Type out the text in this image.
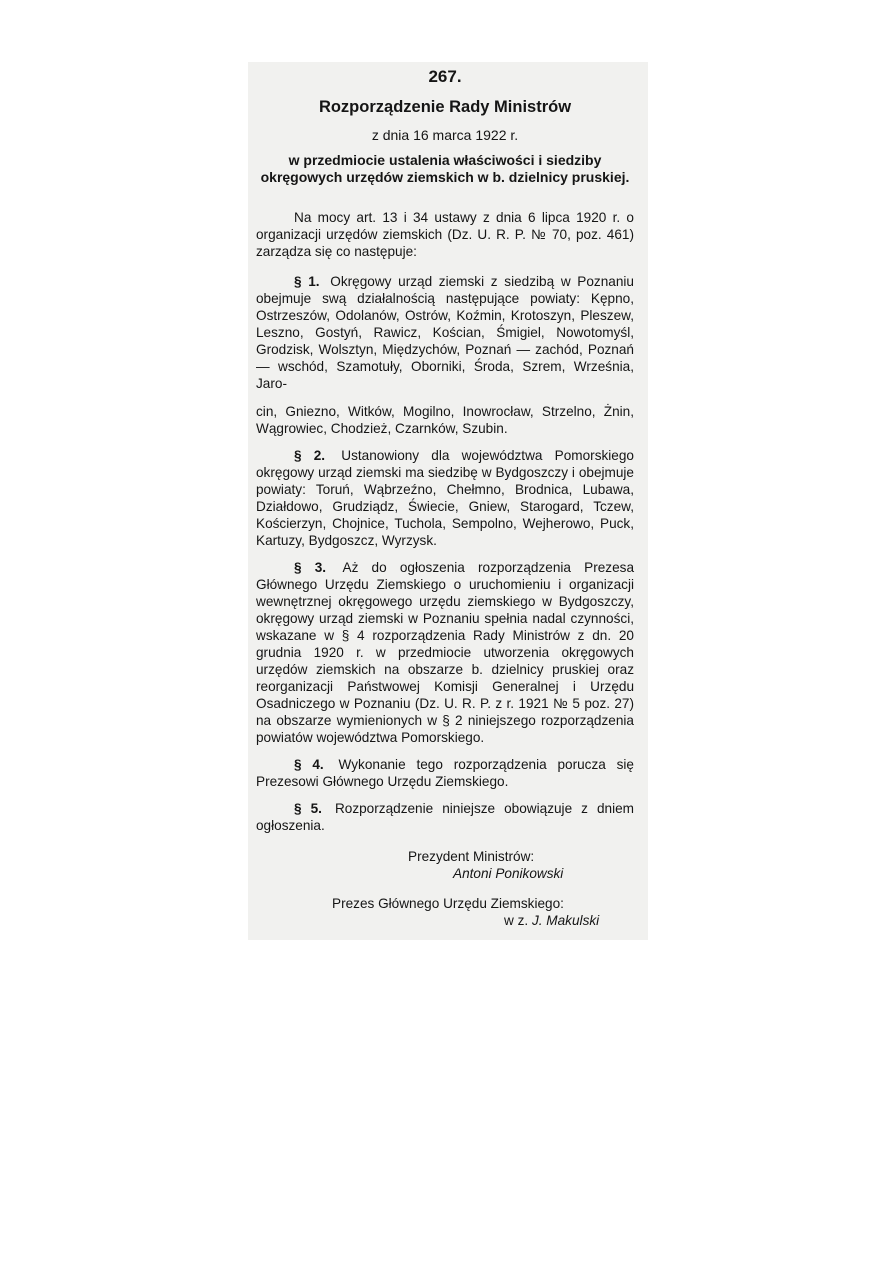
267.
Rozporządzenie Rady Ministrów
z dnia 16 marca 1922 r.
w przedmiocie ustalenia właściwości i siedziby okręgowych urzędów ziemskich w b. dzielnicy pruskiej.

Na mocy art. 13 i 34 ustawy z dnia 6 lipca 1920 r. o organizacji urzędów ziemskich (Dz. U. R. P. № 70, poz. 461) zarządza się co następuje:

§ 1. Okręgowy urząd ziemski z siedzibą w Poznaniu obejmuje swą działalnością następujące powiaty: Kępno, Ostrzeszów, Odolanów, Ostrów, Koźmin, Krotoszyn, Pleszew, Leszno, Gostyń, Rawicz, Kościan, Śmigiel, Nowotomyśl, Grodzisk, Wolsztyn, Międzychów, Poznań — zachód, Poznań — wschód, Szamotuły, Oborniki, Środa, Szrem, Września, Jaro-

cin, Gniezno, Witków, Mogilno, Inowrocław, Strzelno, Żnin, Wągrowiec, Chodzież, Czarnków, Szubin.

§ 2. Ustanowiony dla województwa Pomorskiego okręgowy urząd ziemski ma siedzibę w Bydgoszczy i obejmuje powiaty: Toruń, Wąbrzeźno, Chełmno, Brodnica, Lubawa, Działdowo, Grudziądz, Świecie, Gniew, Starogard, Tczew, Kościerzyn, Chojnice, Tuchola, Sempolno, Wejherowo, Puck, Kartuzy, Bydgoszcz, Wyrzysk.

§ 3. Aż do ogłoszenia rozporządzenia Prezesa Głównego Urzędu Ziemskiego o uruchomieniu i organizacji wewnętrznej okręgowego urzędu ziemskiego w Bydgoszczy, okręgowy urząd ziemski w Poznaniu spełnia nadal czynności, wskazane w § 4 rozporządzenia Rady Ministrów z dn. 20 grudnia 1920 r. w przedmiocie utworzenia okręgowych urzędów ziemskich na obszarze b. dzielnicy pruskiej oraz reorganizacji Państwowej Komisji Generalnej i Urzędu Osadniczego w Poznaniu (Dz. U. R. P. z r. 1921 № 5 poz. 27) na obszarze wymienionych w § 2 niniejszego rozporządzenia powiatów województwa Pomorskiego.

§ 4. Wykonanie tego rozporządzenia porucza się Prezesowi Głównego Urzędu Ziemskiego.

§ 5. Rozporządzenie niniejsze obowiązuje z dniem ogłoszenia.

Prezydent Ministrów:

Antoni Ponikowski

Prezes Głównego Urzędu Ziemskiego:

w z. J. Makulski
